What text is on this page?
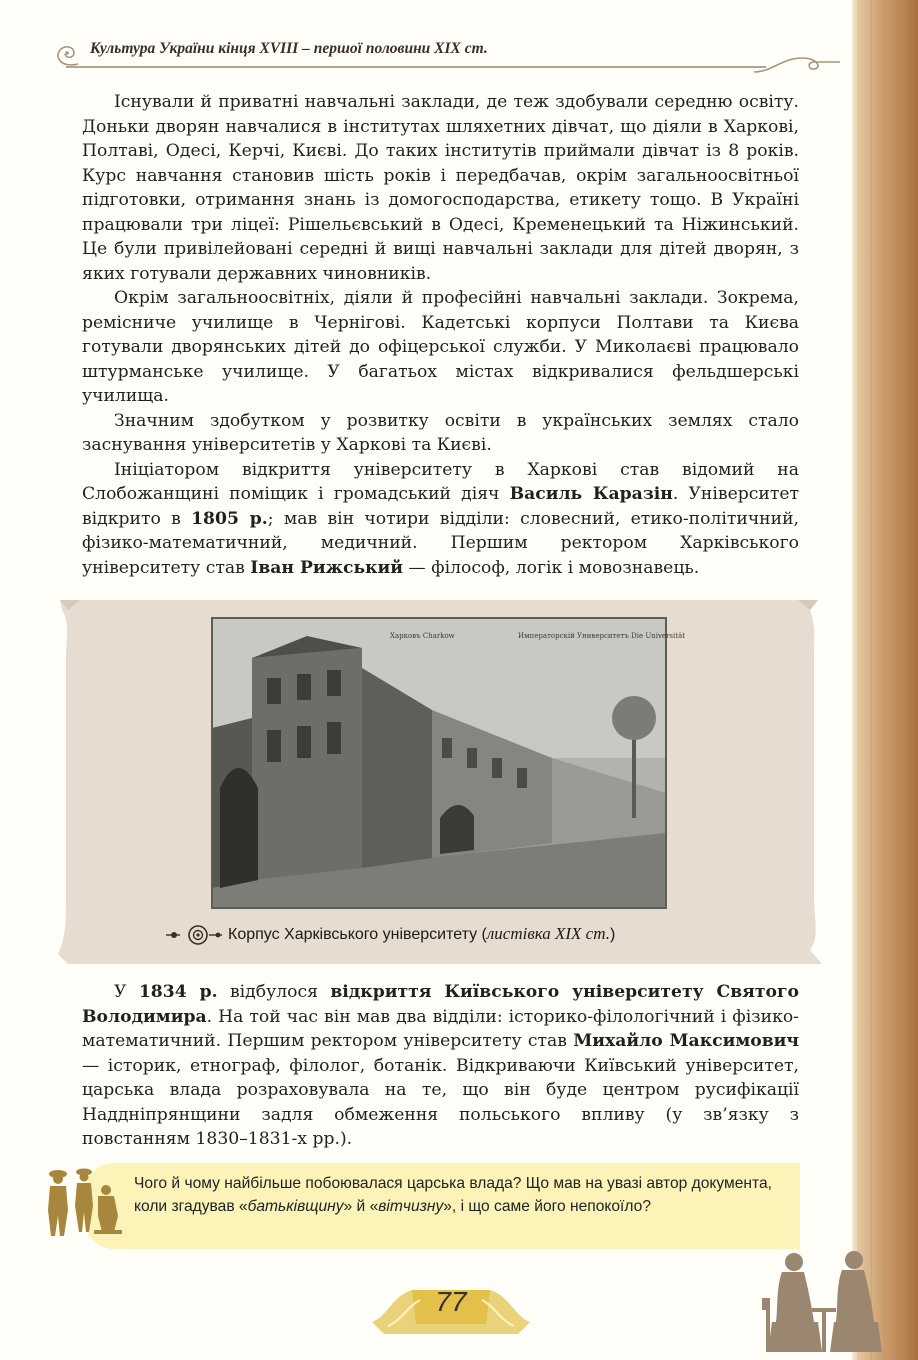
Культура України кінця XVIII – першої половини XIX ст.

Існували й приватні навчальні заклади, де теж здобували середню освіту. Доньки дворян навчалися в інститутах шляхетних дівчат, що діяли в Харкові, Полтаві, Одесі, Керчі, Києві. До таких інститутів приймали дівчат із 8 років. Курс навчання становив шість років і передбачав, окрім загальноосвітньої підготовки, отримання знань із домогосподарства, етикету тощо. В Україні працювали три ліцеї: Рішельєвський в Одесі, Кременецький та Ніжинський. Це були привілейовані середні й вищі навчальні заклади для дітей дворян, з яких готували державних чиновників.

Окрім загальноосвітніх, діяли й професійні навчальні заклади. Зокрема, ремісниче училище в Чернігові. Кадетські корпуси Полтави та Києва готували дворянських дітей до офіцерської служби. У Миколаєві працювало штурманське училище. У багатьох містах відкривалися фельдшерські училища.

Значним здобутком у розвитку освіти в українських землях стало заснування університетів у Харкові та Києві.

Ініціатором відкриття університету в Харкові став відомий на Слобожанщині поміщик і громадський діяч Василь Каразін. Університет відкрито в 1805 р.; мав він чотири відділи: словесний, етико-політичний, фізико-математичний, медичний. Першим ректором Харківського університету став Іван Рижський — філософ, логік і мовознавець.

Харковъ Charkow	Императорскій Университетъ Die Universität
Корпус Харківського університету (листівка XIX ст.)

У 1834 р. відбулося відкриття Київського університету Святого Володимира. На той час він мав два відділи: історико-філологічний і фізико-математичний. Першим ректором університету став Михайло Максимович — історик, етнограф, філолог, ботанік. Відкриваючи Київський університет, царська влада розраховувала на те, що він буде центром русифікації Наддніпрянщини задля обмеження польського впливу (у зв’язку з повстанням 1830–1831-х рр.).

Чого й чому найбільше побоювалася царська влада? Що мав на увазі автор документа, коли згадував «батьківщину» й «вітчизну», і що саме його непокоїло?
77
